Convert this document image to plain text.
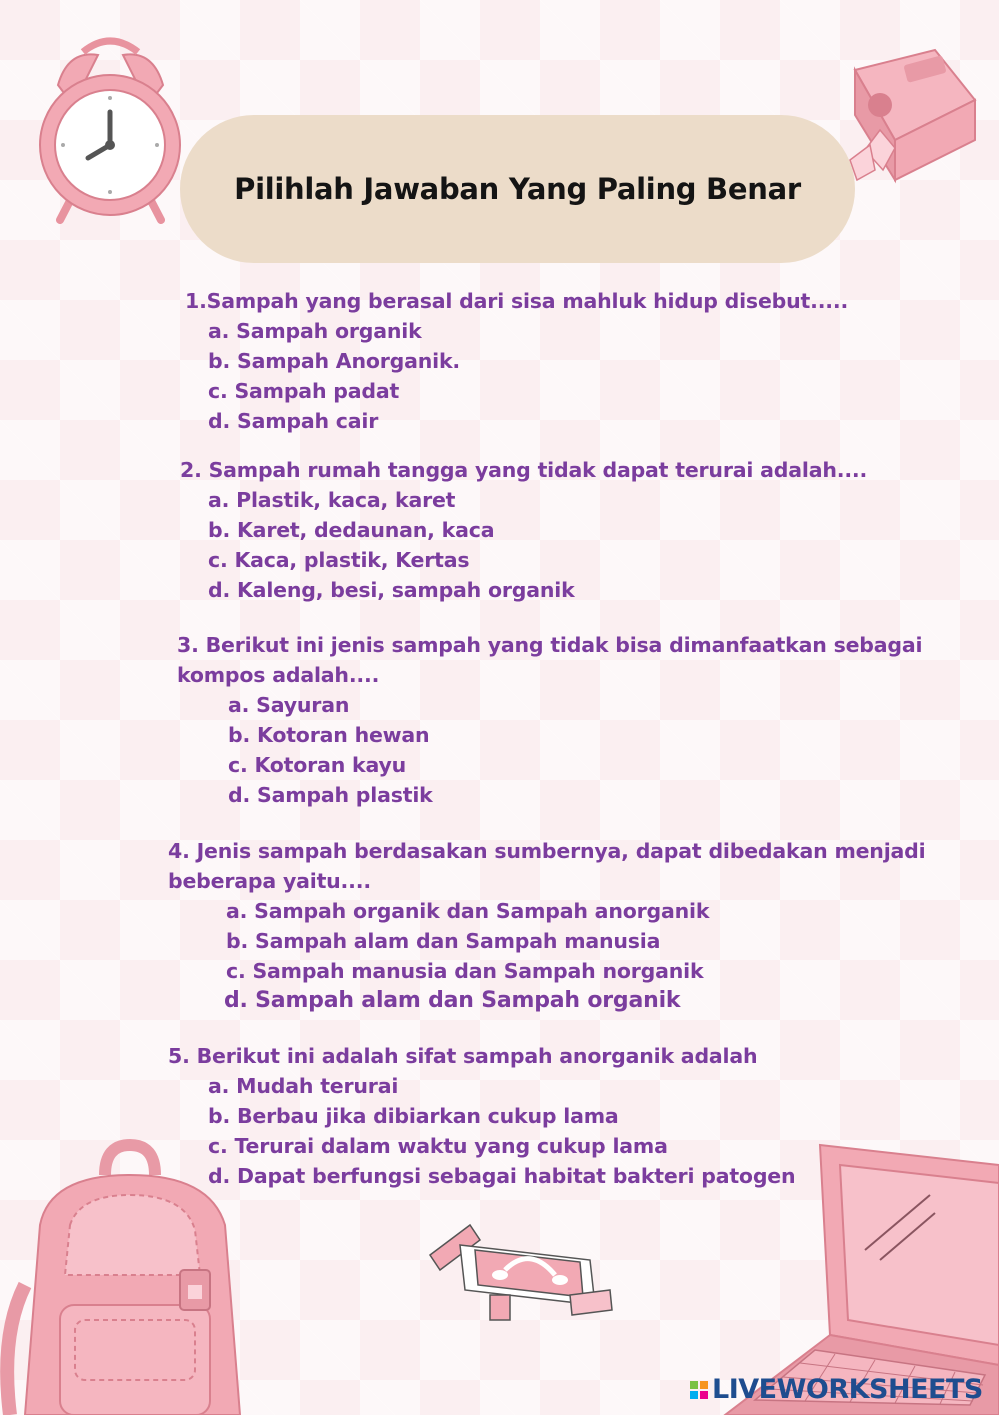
Pilihlah Jawaban Yang Paling Benar

1.Sampah yang berasal dari sisa mahluk hidup disebut.....

a. Sampah organik

b. Sampah Anorganik.

c. Sampah padat

d. Sampah cair

2. Sampah rumah tangga yang tidak dapat terurai adalah....

a. Plastik, kaca, karet

b. Karet, dedaunan, kaca

c. Kaca, plastik, Kertas

d. Kaleng, besi, sampah organik

3. Berikut ini jenis sampah yang tidak bisa dimanfaatkan sebagai kompos adalah....

a. Sayuran

b. Kotoran hewan

c. Kotoran kayu

d. Sampah plastik

4. Jenis sampah berdasakan sumbernya, dapat dibedakan menjadi beberapa yaitu....

a. Sampah organik dan Sampah anorganik

b. Sampah alam dan Sampah manusia

c. Sampah manusia dan Sampah norganik

d. Sampah alam dan Sampah organik

5. Berikut ini adalah sifat sampah anorganik adalah

a. Mudah terurai

b. Berbau jika dibiarkan cukup lama

c. Terurai dalam waktu yang cukup lama

d. Dapat berfungsi sebagai habitat bakteri patogen

LIVEWORKSHEETS
